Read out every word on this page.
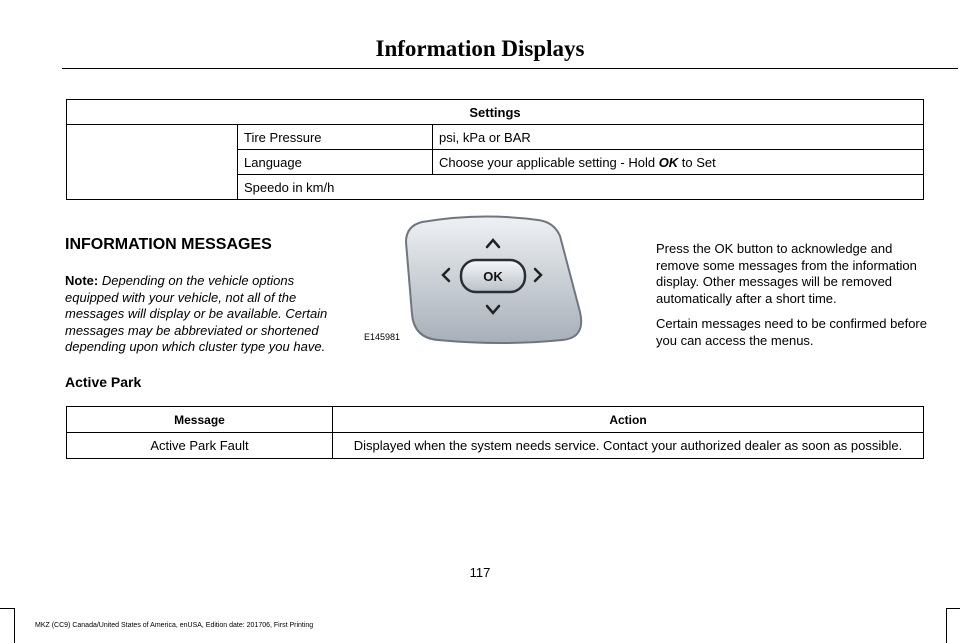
Information Displays
Settings		
	Tire Pressure	psi, kPa or BAR
	Language	Choose your applicable setting - Hold OK to Set
	Speedo in km/h	
INFORMATION MESSAGES
Note: Depending on the vehicle options equipped with your vehicle, not all of the messages will display or be available. Certain messages may be abbreviated or shortened depending upon which cluster type you have.
OK
E145981

Press the OK button to acknowledge and remove some messages from the information display. Other messages will be removed automatically after a short time.

Certain messages need to be confirmed before you can access the menus.

Active Park
Message	Action
Active Park Fault	Displayed when the system needs service. Contact your authorized dealer as soon as possible.
117
MKZ (CC9) Canada/United States of America, enUSA, Edition date: 201706, First Printing
